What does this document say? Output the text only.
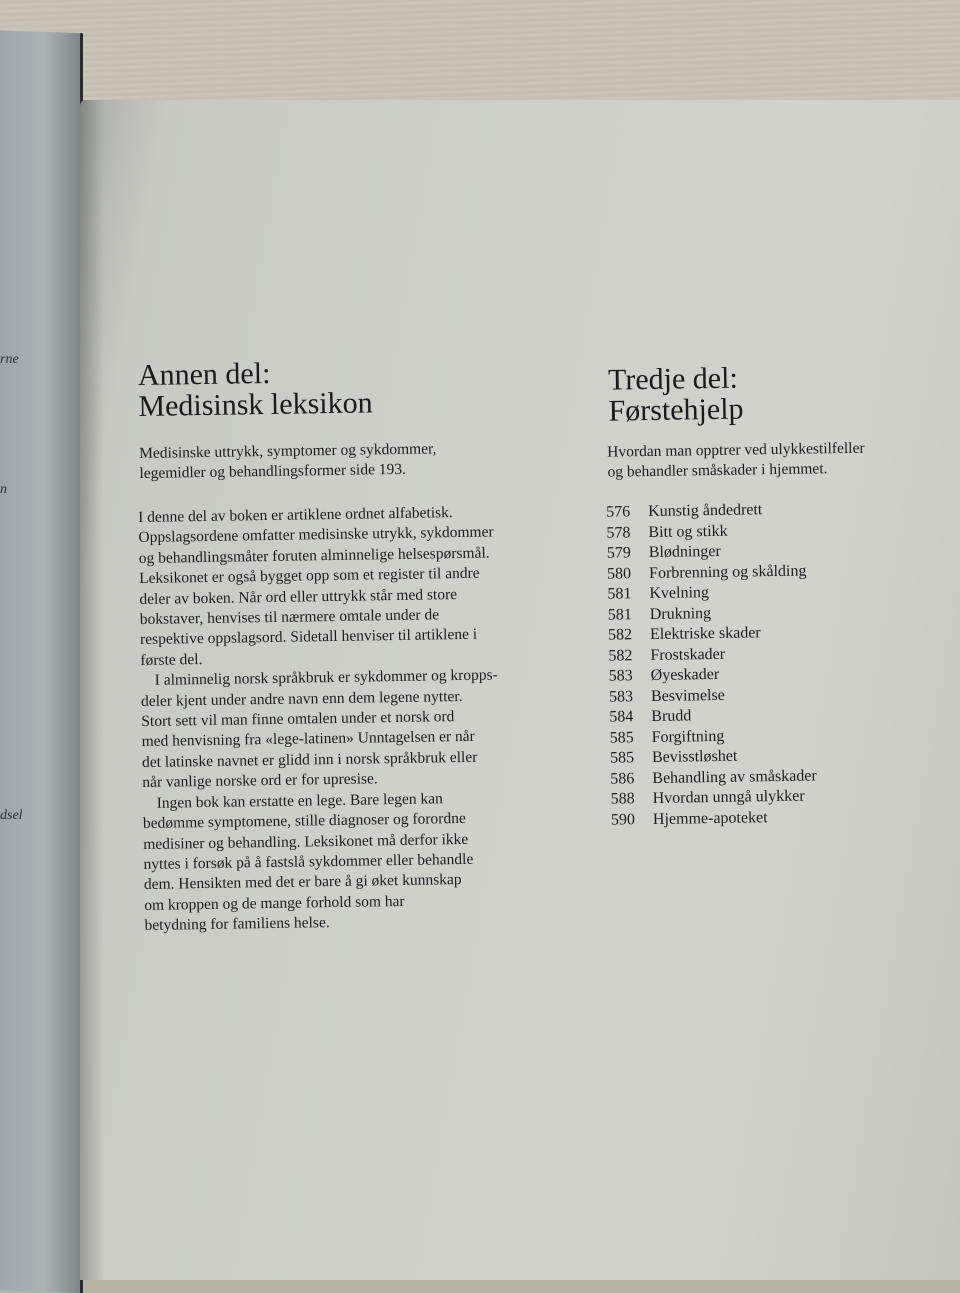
rne
n
dsel
Annen del:
Medisinsk leksikon

Medisinske uttrykk, symptomer og sykdommer,
legemidler og behandlingsformer side 193.

I denne del av boken er artiklene ordnet alfabetisk.
Oppslagsordene omfatter medisinske utrykk, sykdommer
og behandlingsmåter foruten alminnelige helsespørsmål.
Leksikonet er også bygget opp som et register til andre
deler av boken. Når ord eller uttrykk står med store
bokstaver, henvises til nærmere omtale under de
respektive oppslagsord. Sidetall henviser til artiklene i
første del.
I alminnelig norsk språkbruk er sykdommer og kropps-
deler kjent under andre navn enn dem legene nytter.
Stort sett vil man finne omtalen under et norsk ord
med henvisning fra «lege-latinen» Unntagelsen er når
det latinske navnet er glidd inn i norsk språkbruk eller
når vanlige norske ord er for upresise.
Ingen bok kan erstatte en lege. Bare legen kan
bedømme symptomene, stille diagnoser og forordne
medisiner og behandling. Leksikonet må derfor ikke
nyttes i forsøk på å fastslå sykdommer eller behandle
dem. Hensikten med det er bare å gi øket kunnskap
om kroppen og de mange forhold som har
betydning for familiens helse.

Tredje del:
Førstehjelp

Hvordan man opptrer ved ulykkestilfeller
og behandler småskader i hjemmet.

576	Kunstig åndedrett
578	Bitt og stikk
579	Blødninger
580	Forbrenning og skålding
581	Kvelning
581	Drukning
582	Elektriske skader
582	Frostskader
583	Øyeskader
583	Besvimelse
584	Brudd
585	Forgiftning
585	Bevisstløshet
586	Behandling av småskader
588	Hvordan unngå ulykker
590	Hjemme-apoteket
